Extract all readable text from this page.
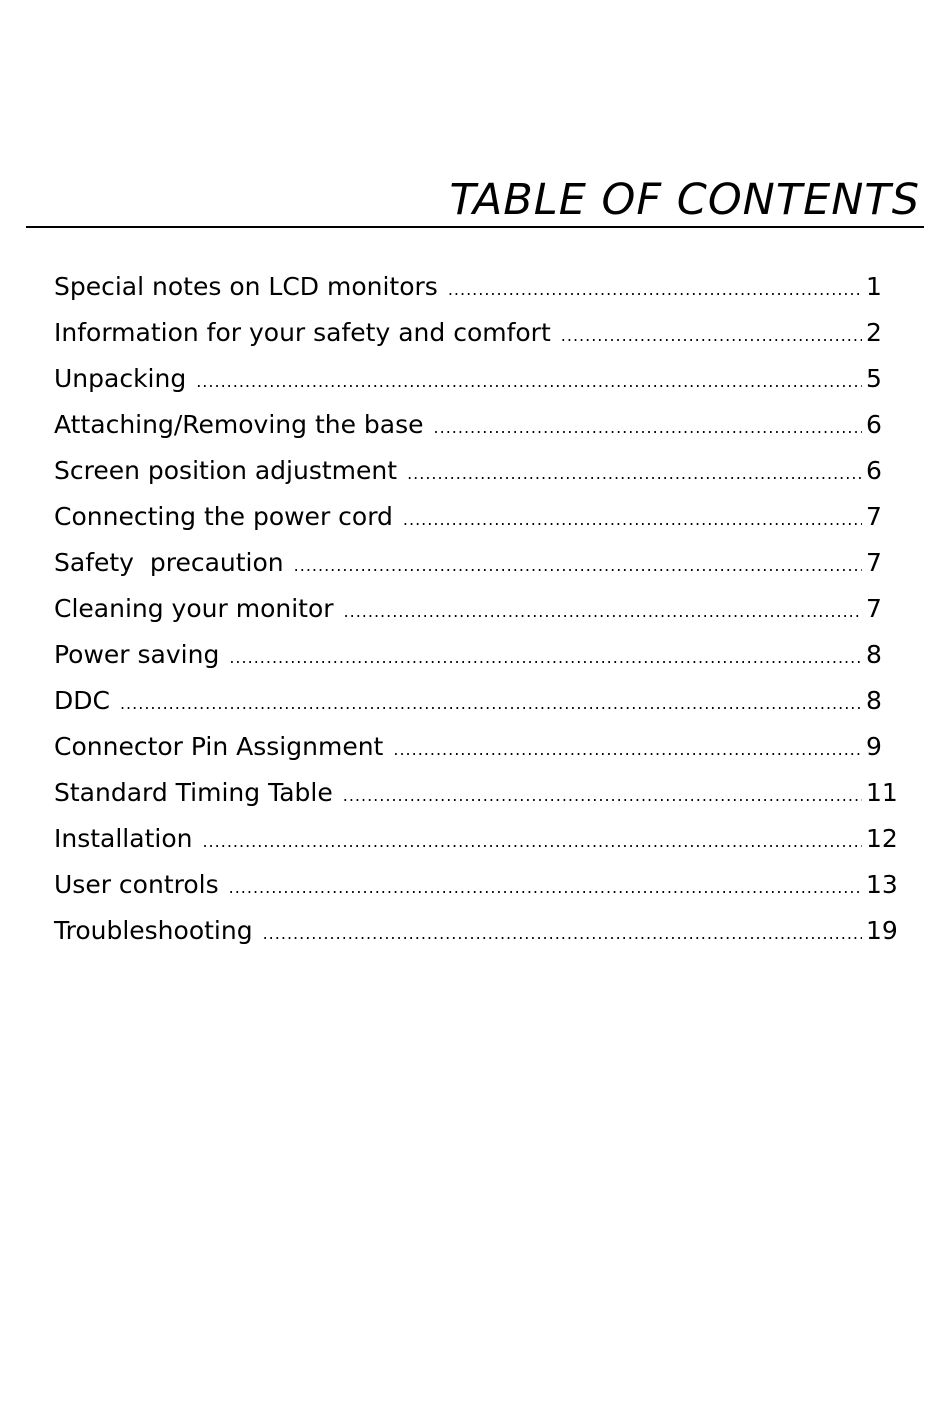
TABLE OF CONTENTS
Special notes on LCD monitors .....	1
Information for your safety and comfort .....	2
Unpacking .....	5
Attaching/Removing the base .....	6
Screen position adjustment .....	6
Connecting the power cord .....	7
Safety  precaution .....	7
Cleaning your monitor .....	7
Power saving .....	8
DDC .....	8
Connector Pin Assignment .....	9
Standard Timing Table .....	11
Installation .....	12
User controls .....	13
Troubleshooting .....	19
